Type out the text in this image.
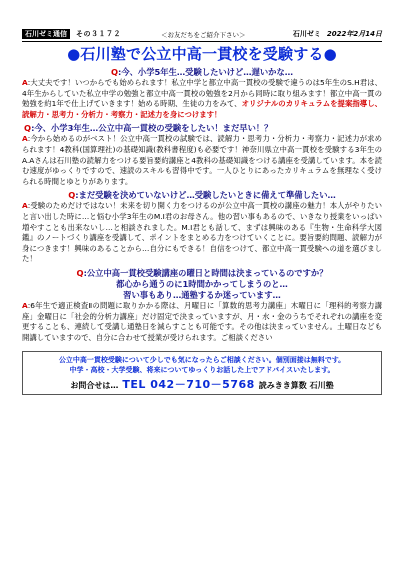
石川ゼミ通信	その３１７２	＜お友だちをご紹介下さい＞	石川ゼミ 2022年2月14日
●石川塾で公立中高一貫校を受験する●
Q:今、小学5年生…受験したいけど…遅いかな…
A:大丈夫です！いつからでも始められます！私立中学と都立中高一貫校の受験で違うのは5年生のS.H君は、4年生からしていた私立中学の勉強と都立中高一貫校の勉強を2月から同時に取り組みます！都立中高一貫の勉強を約1年で仕上げていきます！始める時期、生徒の力をみて、オリジナルのカリキュラムを提案指導し、読解力・思考力・分析力・考察力・記述力を身につけます！
Q:今、小学3年生…公立中高一貫校の受験をしたい！まだ早い！？
A:今から始めるのがベスト！公立中高一貫校の試験では、読解力・思考力・分析力・考察力・記述力が求められます！4教科(国算理社)の基礎知識(教科書程度)も必要です！神奈川県立中高一貫校を受験する3年生のA.Aさんは石川塾の読解力をつける要旨要約講座と4教科の基礎知識をつける講座を受講しています。本を読む速度がゆっくりですので、速読のスキルも習得中です。一人ひとりにあったカリキュラムを無理なく受けられる時間とゆとりがあります。
Q:まだ受験を決めていないけど…受験したいときに備えて準備したい…
A:受験のためだけではない！未来を切り開く力をつけるのが公立中高一貫校の講座の魅力！本人がやりたいと言い出した時に…と悩む小学3年生のM.I君のお母さん。他の習い事もあるので、いきなり授業をいっぱい増やすことも出来ないし…と相談されました。M.I君とも話して、まずは興味のある『生物・生命科学大図鑑』のノートづくり講座を受講して、ポイントをまとめる力をつけていくことに。要旨要約問題、読解力が身につきます！興味のあることから…自分にもできる！自信をつけて、都立中高一貫受験への道を選びました！
Q:公立中高一貫校受験講座の曜日と時間は決まっているのですか？
都心から通うのに1時間かかってしまうのと…
習い事もあり…通塾するか迷っています…
A:6年生で適正検査Ⅱの問題に取りかかる際は、月曜日に「算数的思考力講座」木曜日に「理科的考察力講座」金曜日に「社会的分析力講座」だけ固定で決まっていますが、月・水・金のうちでそれぞれの講座を変更することも、連続して受講し通塾日を減らすことも可能です。その他は決まっていません。土曜日なども開講していますので、自分に合わせて授業が受けられます。ご相談ください
公立中高一貫校受験について少しでも気になったらご相談ください。個別面接は無料です。
中学・高校・大学受験、将来についてゆっくりお話した上でアドバイスいたします。
お問合せは… TEL 042－710－5768 読みきき算数 石川塾
